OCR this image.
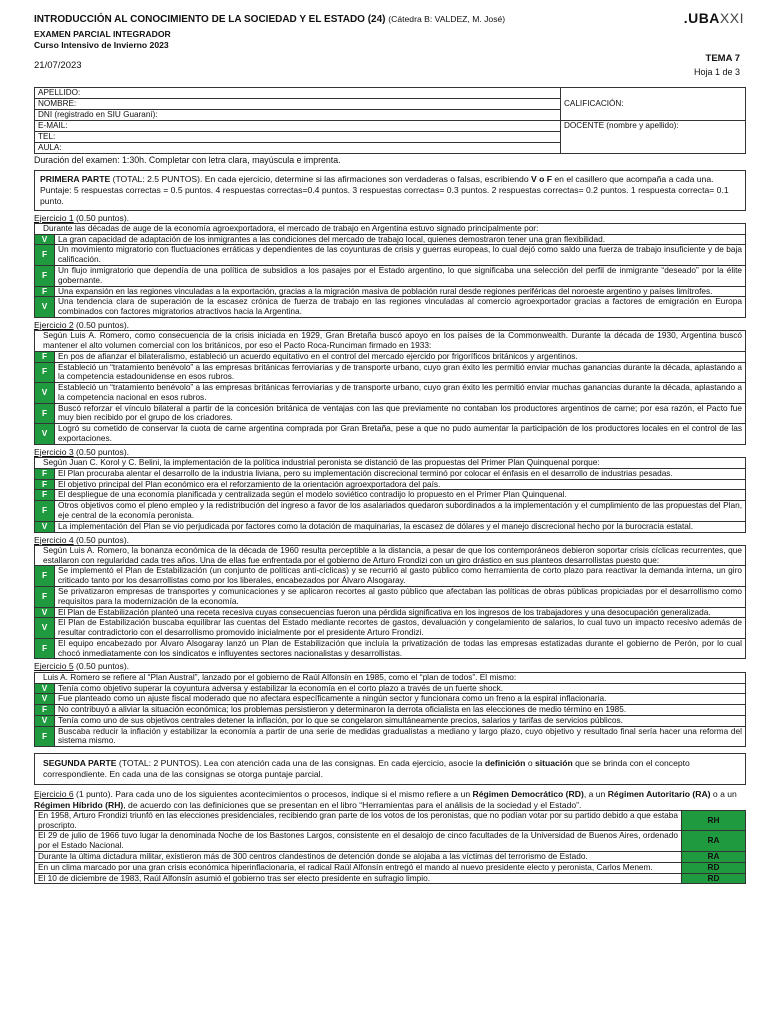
INTRODUCCIÓN AL CONOCIMIENTO DE LA SOCIEDAD Y EL ESTADO (24) (Cátedra B: VALDEZ, M. José)
EXAMEN PARCIAL INTEGRADOR
Curso Intensivo de Invierno 2023
21/07/2023
.UBAXXI
TEMA 7
Hoja 1 de 3
APELLIDO:	CALIFICACIÓN:

NOMBRE:	
DNI (registrado en SIU Guaraní):	
E-MAIL:	DOCENTE (nombre y apellido):
TEL:	
AULA:	
Duración del examen: 1:30h. Completar con letra clara, mayúscula e imprenta.
PRIMERA PARTE (TOTAL: 2.5 PUNTOS). En cada ejercicio, determine si las afirmaciones son verdaderas o falsas, escribiendo V o F en el casillero que acompaña a cada una. Puntaje: 5 respuestas correctas = 0.5 puntos. 4 respuestas correctas=0.4 puntos. 3 respuestas correctas= 0.3 puntos. 2 respuestas correctas= 0.2 puntos. 1 respuesta correcta= 0.1 punto.
Ejercicio 1 (0.50 puntos).
Durante las décadas de auge de la economía agroexportadora, el mercado de trabajo en Argentina estuvo signado principalmente por:	
V	La gran capacidad de adaptación de los inmigrantes a las condiciones del mercado de trabajo local, quienes demostraron tener una gran flexibilidad.
F	Un movimiento migratorio con fluctuaciones erráticas y dependientes de las coyunturas de crisis y guerras europeas, lo cual dejó como saldo una fuerza de trabajo insuficiente y de baja calificación.
F	Un flujo inmigratorio que dependía de una política de subsidios a los pasajes por el Estado argentino, lo que significaba una selección del perfil de inmigrante “deseado” por la élite gobernante.
F	Una expansión en las regiones vinculadas a la exportación, gracias a la migración masiva de población rural desde regiones periféricas del noroeste argentino y países limítrofes.
V	Una tendencia clara de superación de la escasez crónica de fuerza de trabajo en las regiones vinculadas al comercio agroexportador gracias a factores de emigración en Europa combinados con factores migratorios atractivos hacia la Argentina.
Ejercicio 2 (0.50 puntos).
Según Luis A. Romero, como consecuencia de la crisis iniciada en 1929, Gran Bretaña buscó apoyo en los países de la Commonwealth. Durante la década de 1930, Argentina buscó mantener el alto volumen comercial con los británicos, por eso el Pacto Roca-Runciman firmado en 1933:	
F	En pos de afianzar el bilateralismo, estableció un acuerdo equitativo en el control del mercado ejercido por frigoríficos británicos y argentinos.
F	Estableció un “tratamiento benévolo” a las empresas británicas ferroviarias y de transporte urbano, cuyo gran éxito les permitió enviar muchas ganancias durante la década, aplastando a la competencia estadounidense en esos rubros.
V	Estableció un “tratamiento benévolo” a las empresas británicas ferroviarias y de transporte urbano, cuyo gran éxito les permitió enviar muchas ganancias durante la década, aplastando a la competencia nacional en esos rubros.
F	Buscó reforzar el vínculo bilateral a partir de la concesión británica de ventajas con las que previamente no contaban los productores argentinos de carne; por esa razón, el Pacto fue muy bien recibido por el grupo de los criadores.
V	Logró su cometido de conservar la cuota de carne argentina comprada por Gran Bretaña, pese a que no pudo aumentar la participación de los productores locales en el control de las exportaciones.
Ejercicio 3 (0.50 puntos).
Según Juan C. Korol y C. Belini, la implementación de la política industrial peronista se distanció de las propuestas del Primer Plan Quinquenal porque:	
F	El Plan procuraba alentar el desarrollo de la industria liviana, pero su implementación discrecional terminó por colocar el énfasis en el desarrollo de industrias pesadas.
F	El objetivo principal del Plan económico era el reforzamiento de la orientación agroexportadora del país.
F	El despliegue de una economía planificada y centralizada según el modelo soviético contradijo lo propuesto en el Primer Plan Quinquenal.
F	Otros objetivos como el pleno empleo y la redistribución del ingreso a favor de los asalariados quedaron subordinados a la implementación y el cumplimiento de las propuestas del Plan, eje central de la economía peronista.
V	La implementación del Plan se vio perjudicada por factores como la dotación de maquinarias, la escasez de dólares y el manejo discrecional hecho por la burocracia estatal.
Ejercicio 4 (0.50 puntos).
Según Luis A. Romero, la bonanza económica de la década de 1960 resulta perceptible a la distancia, a pesar de que los contemporáneos debieron soportar crisis cíclicas recurrentes, que estallaron con regularidad cada tres años. Una de ellas fue enfrentada por el gobierno de Arturo Frondizi con un giro drástico en sus planteos desarrollistas puesto que:	
F	Se implementó el Plan de Estabilización (un conjunto de políticas anti-cíclicas) y se recurrió al gasto público como herramienta de corto plazo para reactivar la demanda interna, un giro criticado tanto por los desarrollistas como por los liberales, encabezados por Álvaro Alsogaray.
F	Se privatizaron empresas de transportes y comunicaciones y se aplicaron recortes al gasto público que afectaban las políticas de obras públicas propiciadas por el desarrollismo como requisitos para la modernización de la economía.
V	El Plan de Estabilización planteó una receta recesiva cuyas consecuencias fueron una pérdida significativa en los ingresos de los trabajadores y una desocupación generalizada.
V	El Plan de Estabilización buscaba equilibrar las cuentas del Estado mediante recortes de gastos, devaluación y congelamiento de salarios, lo cual tuvo un impacto recesivo además de resultar contradictorio con el desarrollismo promovido inicialmente por el presidente Arturo Frondizi.
F	El equipo encabezado por Álvaro Alsogaray lanzó un Plan de Estabilización que incluía la privatización de todas las empresas estatizadas durante el gobierno de Perón, por lo cual chocó inmediatamente con los sindicatos e influyentes sectores nacionalistas y desarrollistas.
Ejercicio 5 (0.50 puntos).
Luis A. Romero se refiere al “Plan Austral”, lanzado por el gobierno de Raúl Alfonsín en 1985, como el “plan de todos”. El mismo:	
V	Tenía como objetivo superar la coyuntura adversa y estabilizar la economía en el corto plazo a través de un fuerte shock.
V	Fue planteado como un ajuste fiscal moderado que no afectara específicamente a ningún sector y funcionara como un freno a la espiral inflacionaria.
F	No contribuyó a aliviar la situación económica; los problemas persistieron y determinaron la derrota oficialista en las elecciones de medio término en 1985.
V	Tenía como uno de sus objetivos centrales detener la inflación, por lo que se congelaron simultáneamente precios, salarios y tarifas de servicios públicos.
F	Buscaba reducir la inflación y estabilizar la economía a partir de una serie de medidas gradualistas a mediano y largo plazo, cuyo objetivo y resultado final sería hacer una reforma del sistema mismo.
SEGUNDA PARTE (TOTAL: 2 PUNTOS). Lea con atención cada una de las consignas. En cada ejercicio, asocie la definición o situación que se brinda con el concepto correspondiente. En cada una de las consignas se otorga puntaje parcial.
Ejercicio 6 (1 punto). Para cada uno de los siguientes acontecimientos o procesos, indique si el mismo refiere a un Régimen Democrático (RD), a un Régimen Autoritario (RA) o a un Régimen Híbrido (RH), de acuerdo con las definiciones que se presentan en el libro “Herramientas para el análisis de la sociedad y el Estado”.
En 1958, Arturo Frondizi triunfó en las elecciones presidenciales, recibiendo gran parte de los votos de los peronistas, que no podían votar por su partido debido a que estaba proscripto.	RH
El 29 de julio de 1966 tuvo lugar la denominada Noche de los Bastones Largos, consistente en el desalojo de cinco facultades de la Universidad de Buenos Aires, ordenado por el Estado Nacional.	RA
Durante la última dictadura militar, existieron más de 300 centros clandestinos de detención donde se alojaba a las víctimas del terrorismo de Estado.	RA
En un clima marcado por una gran crisis económica hiperinflacionaria, el radical Raúl Alfonsín entregó el mando al nuevo presidente electo y peronista, Carlos Menem.	RD
El 10 de diciembre de 1983, Raúl Alfonsín asumió el gobierno tras ser electo presidente en sufragio limpio.	RD
